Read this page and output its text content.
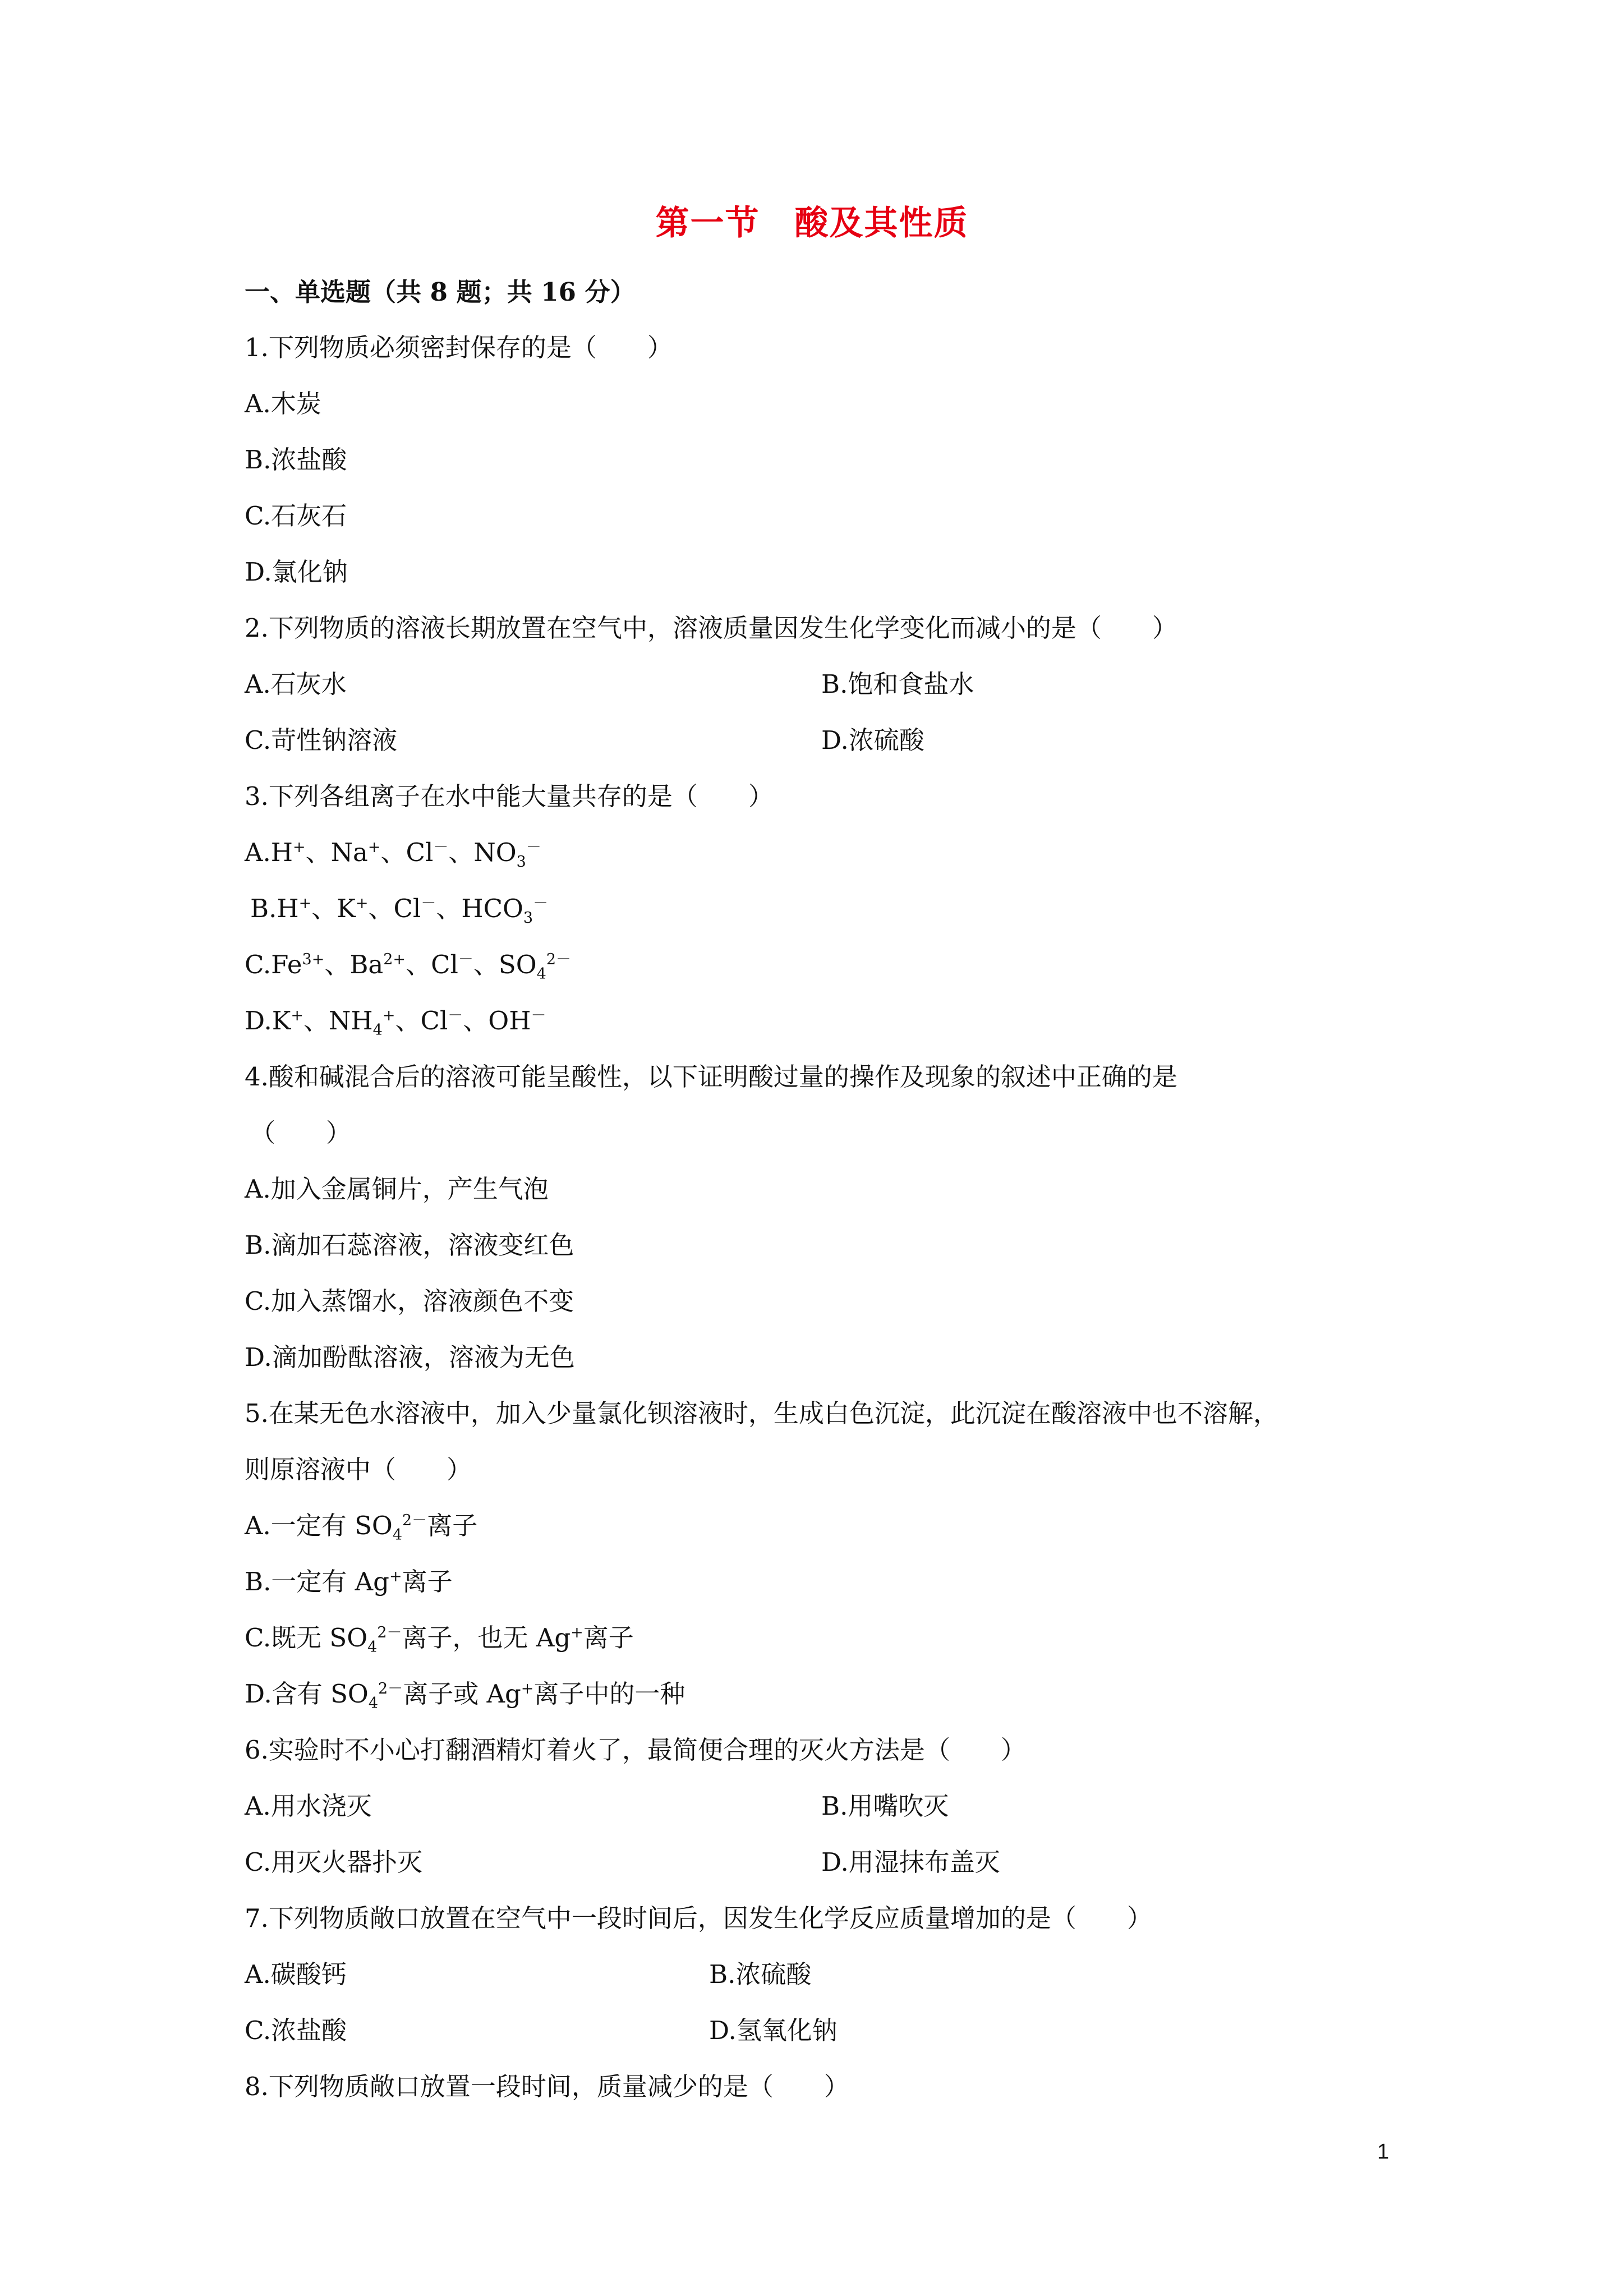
第一节　酸及其性质
一、单选题（共 8 题；共 16 分）
1.下列物质必须密封保存的是（　　）
A.木炭
B.浓盐酸
C.石灰石
D.氯化钠
2.下列物质的溶液长期放置在空气中，溶液质量因发生化学变化而减小的是（　　）
A.石灰水	B.饱和食盐水
C.苛性钠溶液	D.浓硫酸
3.下列各组离子在水中能大量共存的是（　　）
A.H+、Na+、Cl－、$NO_3^-$
B.H+、K+、Cl－、$HCO_3^-$
$C.Fe^{3+}$、$Ba^{2+}$、Cl－、$SO_4^{2-}$
D.K+、$NH_4^+$、Cl－、OH－
4.酸和碱混合后的溶液可能呈酸性，以下证明酸过量的操作及现象的叙述中正确的是
（　　）
A.加入金属铜片，产生气泡
B.滴加石蕊溶液，溶液变红色
C.加入蒸馏水，溶液颜色不变
D.滴加酚酞溶液，溶液为无色
5.在某无色水溶液中，加入少量氯化钡溶液时，生成白色沉淀，此沉淀在酸溶液中也不溶解，
则原溶液中（　　）
A.一定有 $SO_4^{2-}$离子
B.一定有 Ag+离子
C.既无 $SO_4^{2-}$离子，也无 Ag+离子
D.含有 $SO_4^{2-}$离子或 Ag+离子中的一种
6.实验时不小心打翻酒精灯着火了，最简便合理的灭火方法是（　　）
A.用水浇灭	B.用嘴吹灭
C.用灭火器扑灭	D.用湿抹布盖灭
7.下列物质敞口放置在空气中一段时间后，因发生化学反应质量增加的是（　　）
A.碳酸钙	B.浓硫酸
C.浓盐酸	D.氢氧化钠
8.下列物质敞口放置一段时间，质量减少的是（　　）
1
